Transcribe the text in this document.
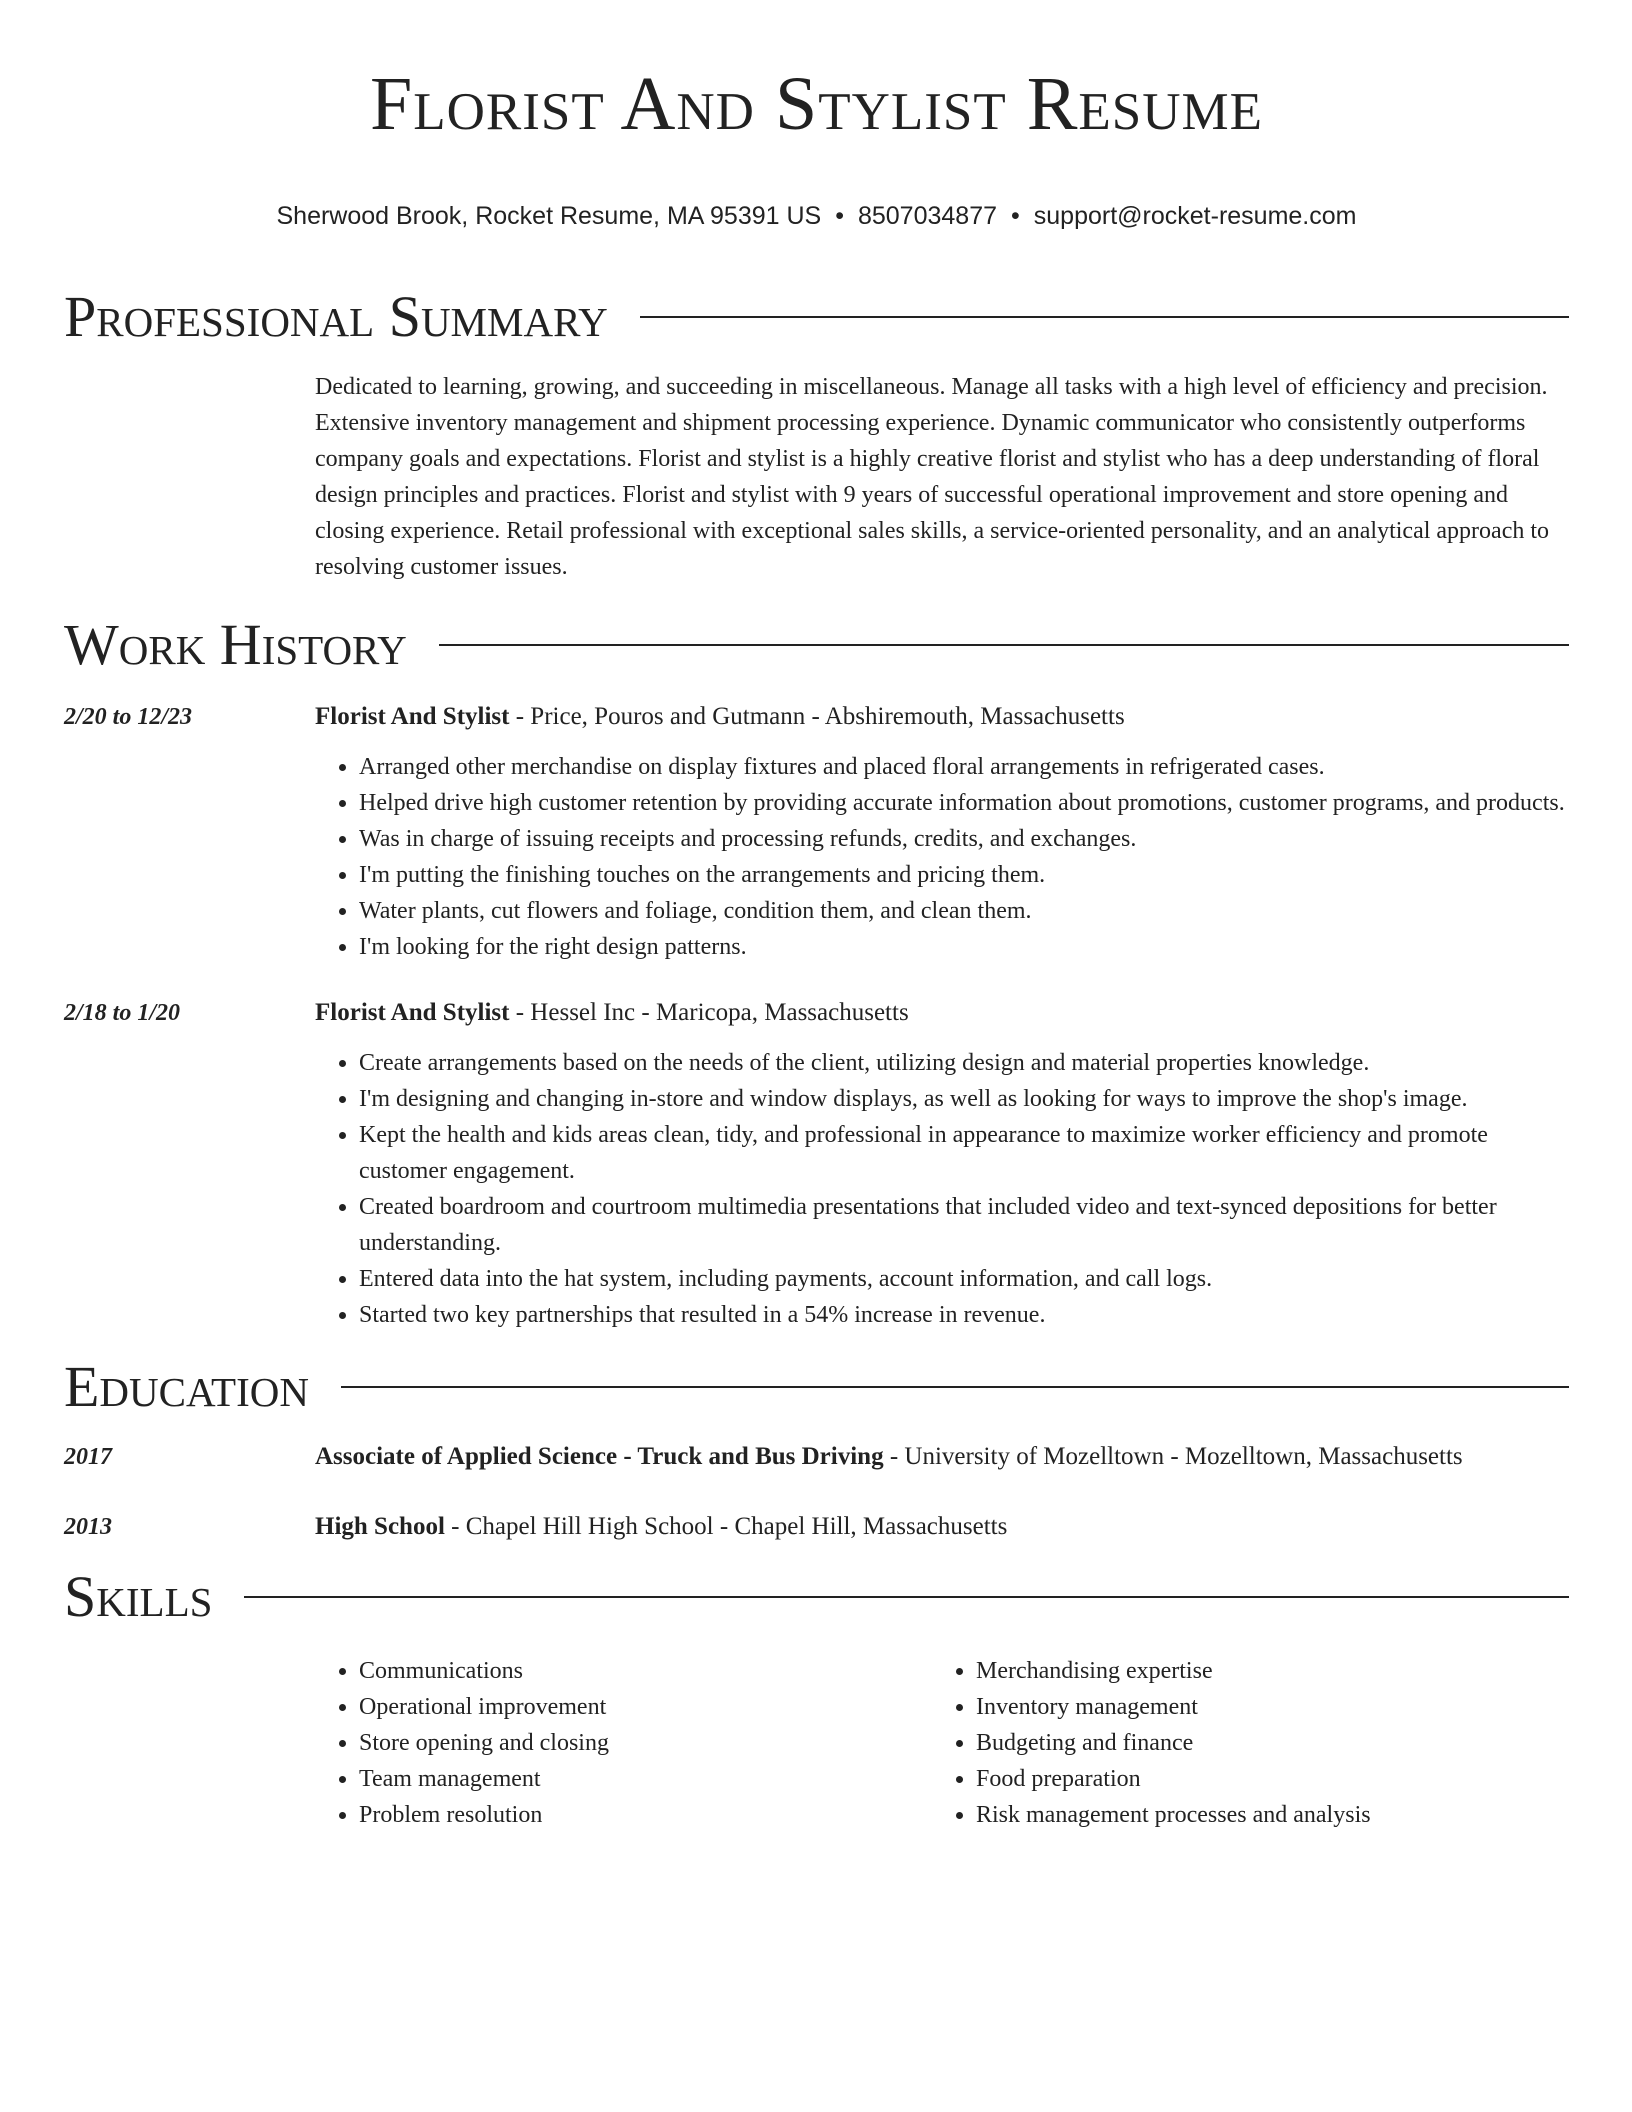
Florist And Stylist Resume
Sherwood Brook, Rocket Resume, MA 95391 US • 8507034877 • support@rocket-resume.com
Professional Summary
Dedicated to learning, growing, and succeeding in miscellaneous. Manage all tasks with a high level of efficiency and precision. Extensive inventory management and shipment processing experience. Dynamic communicator who consistently outperforms company goals and expectations. Florist and stylist is a highly creative florist and stylist who has a deep understanding of floral design principles and practices. Florist and stylist with 9 years of successful operational improvement and store opening and closing experience. Retail professional with exceptional sales skills, a service-oriented personality, and an analytical approach to resolving customer issues.
Work History
2/20 to 12/23	Florist And Stylist - Price, Pouros and Gutmann - Abshiremouth, Massachusetts
• Arranged other merchandise on display fixtures and placed floral arrangements in refrigerated cases.
• Helped drive high customer retention by providing accurate information about promotions, customer programs, and products.
• Was in charge of issuing receipts and processing refunds, credits, and exchanges.
• I'm putting the finishing touches on the arrangements and pricing them.
• Water plants, cut flowers and foliage, condition them, and clean them.
• I'm looking for the right design patterns.
2/18 to 1/20	Florist And Stylist - Hessel Inc - Maricopa, Massachusetts
• Create arrangements based on the needs of the client, utilizing design and material properties knowledge.
• I'm designing and changing in-store and window displays, as well as looking for ways to improve the shop's image.
• Kept the health and kids areas clean, tidy, and professional in appearance to maximize worker efficiency and promote customer engagement.
• Created boardroom and courtroom multimedia presentations that included video and text-synced depositions for better understanding.
• Entered data into the hat system, including payments, account information, and call logs.
• Started two key partnerships that resulted in a 54% increase in revenue.
Education
2017	Associate of Applied Science - Truck and Bus Driving - University of Mozelltown - Mozelltown, Massachusetts
2013	High School - Chapel Hill High School - Chapel Hill, Massachusetts
Skills
• Communications
• Operational improvement
• Store opening and closing
• Team management
• Problem resolution
• Merchandising expertise
• Inventory management
• Budgeting and finance
• Food preparation
• Risk management processes and analysis
